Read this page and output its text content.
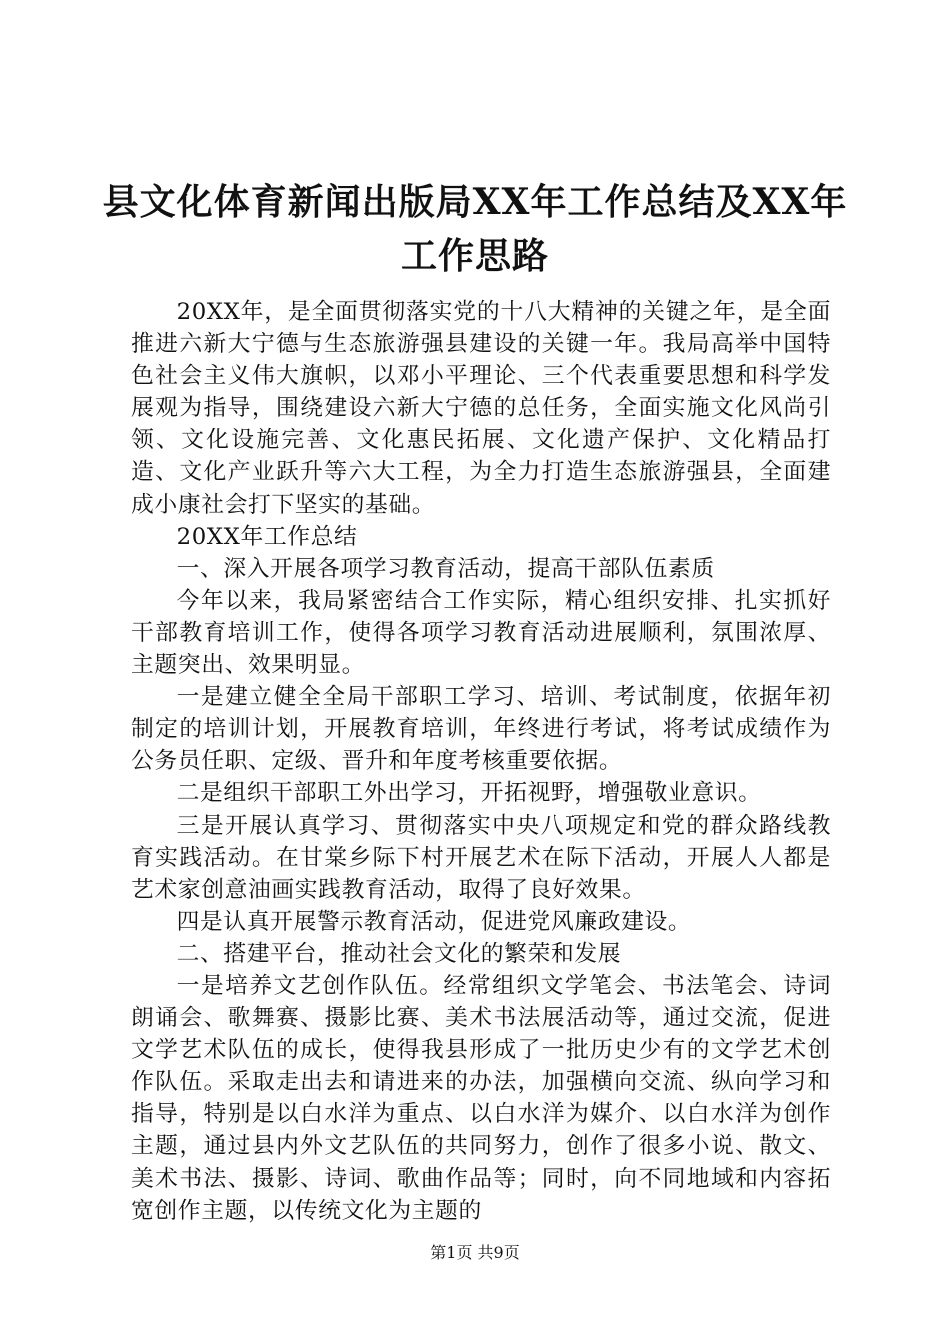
县文化体育新闻出版局XX年工作总结及XX年
工作思路

20XX年，是全面贯彻落实党的十八大精神的关键之年，是全面推进六新大宁德与生态旅游强县建设的关键一年。我局高举中国特色社会主义伟大旗帜，以邓小平理论、三个代表重要思想和科学发展观为指导，围绕建设六新大宁德的总任务，全面实施文化风尚引领、文化设施完善、文化惠民拓展、文化遗产保护、文化精品打造、文化产业跃升等六大工程，为全力打造生态旅游强县，全面建成小康社会打下坚实的基础。

20XX年工作总结

一、深入开展各项学习教育活动，提高干部队伍素质

今年以来，我局紧密结合工作实际，精心组织安排、扎实抓好干部教育培训工作，使得各项学习教育活动进展顺利，氛围浓厚、主题突出、效果明显。

一是建立健全全局干部职工学习、培训、考试制度，依据年初制定的培训计划，开展教育培训，年终进行考试，将考试成绩作为公务员任职、定级、晋升和年度考核重要依据。

二是组织干部职工外出学习，开拓视野，增强敬业意识。

三是开展认真学习、贯彻落实中央八项规定和党的群众路线教育实践活动。在甘棠乡际下村开展艺术在际下活动，开展人人都是艺术家创意油画实践教育活动，取得了良好效果。

四是认真开展警示教育活动，促进党风廉政建设。

二、搭建平台，推动社会文化的繁荣和发展

一是培养文艺创作队伍。经常组织文学笔会、书法笔会、诗词朗诵会、歌舞赛、摄影比赛、美术书法展活动等，通过交流，促进文学艺术队伍的成长，使得我县形成了一批历史少有的文学艺术创作队伍。采取走出去和请进来的办法，加强横向交流、纵向学习和指导，特别是以白水洋为重点、以白水洋为媒介、以白水洋为创作主题，通过县内外文艺队伍的共同努力，创作了很多小说、散文、美术书法、摄影、诗词、歌曲作品等；同时，向不同地域和内容拓宽创作主题，以传统文化为主题的

第1页 共9页
